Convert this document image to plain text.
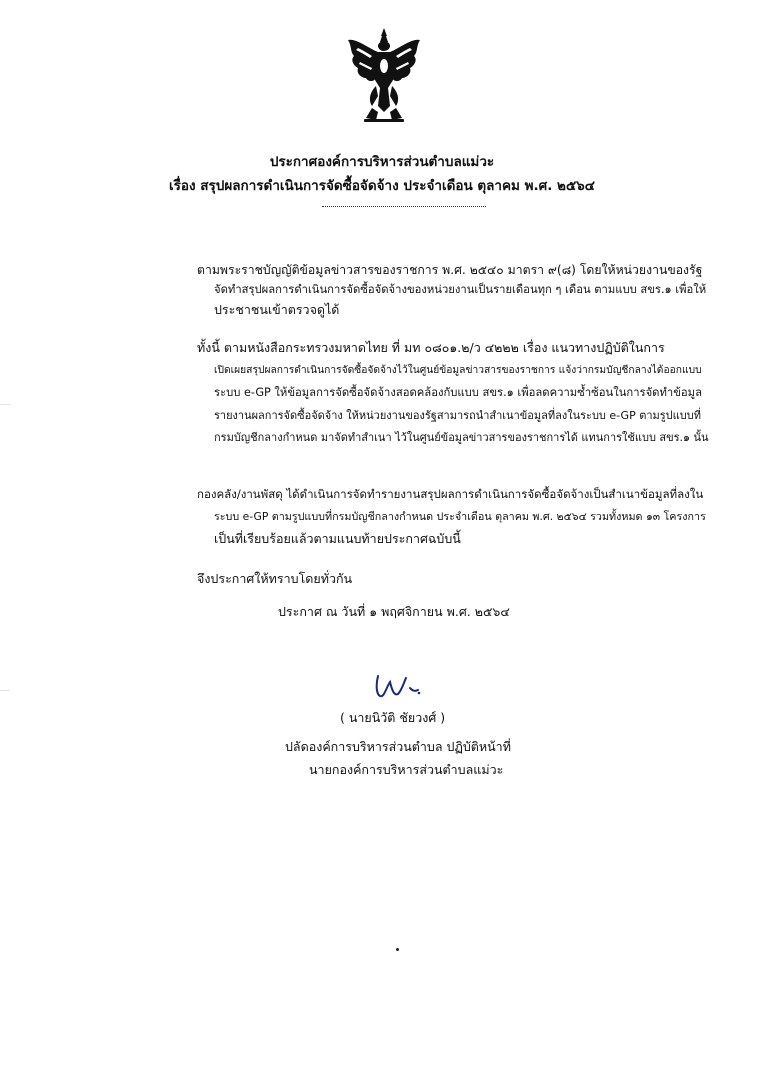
ประกาศองค์การบริหารส่วนตำบลแม่วะ
เรื่อง สรุปผลการดำเนินการจัดซื้อจัดจ้าง ประจำเดือน ตุลาคม พ.ศ. ๒๕๖๔
ตามพระราชบัญญัติข้อมูลข่าวสารของราชการ พ.ศ. ๒๕๔๐ มาตรา ๙(๘) โดยให้หน่วยงานของรัฐ
จัดทำสรุปผลการดำเนินการจัดซื้อจัดจ้างของหน่วยงานเป็นรายเดือนทุก ๆ เดือน ตามแบบ สขร.๑ เพื่อให้
ประชาชนเข้าตรวจดูได้
ทั้งนี้ ตามหนังสือกระทรวงมหาดไทย ที่ มท ๐๘๐๑.๒/ว ๔๒๒๒ เรื่อง แนวทางปฏิบัติในการ
เปิดเผยสรุปผลการดำเนินการจัดซื้อจัดจ้างไว้ในศูนย์ข้อมูลข่าวสารของราชการ แจ้งว่ากรมบัญชีกลางได้ออกแบบ
ระบบ e-GP ให้ข้อมูลการจัดซื้อจัดจ้างสอดคล้องกับแบบ สขร.๑ เพื่อลดความซ้ำซ้อนในการจัดทำข้อมูล
รายงานผลการจัดซื้อจัดจ้าง ให้หน่วยงานของรัฐสามารถนำสำเนาข้อมูลที่ลงในระบบ e-GP ตามรูปแบบที่
กรมบัญชีกลางกำหนด มาจัดทำสำเนา ไว้ในศูนย์ข้อมูลข่าวสารของราชการได้ แทนการใช้แบบ สขร.๑ นั้น
กองคลัง/งานพัสดุ ได้ดำเนินการจัดทำรายงานสรุปผลการดำเนินการจัดซื้อจัดจ้างเป็นสำเนาข้อมูลที่ลงใน
ระบบ e-GP ตามรูปแบบที่กรมบัญชีกลางกำหนด ประจำเดือน ตุลาคม พ.ศ. ๒๕๖๔ รวมทั้งหมด ๑๓ โครงการ
เป็นที่เรียบร้อยแล้วตามแนบท้ายประกาศฉบับนี้
จึงประกาศให้ทราบโดยทั่วกัน
ประกาศ ณ วันที่ ๑ พฤศจิกายน พ.ศ. ๒๕๖๔
( นายนิวัติ ชัยวงศ์ )
ปลัดองค์การบริหารส่วนตำบล ปฏิบัติหน้าที่
นายกองค์การบริหารส่วนตำบลแม่วะ
